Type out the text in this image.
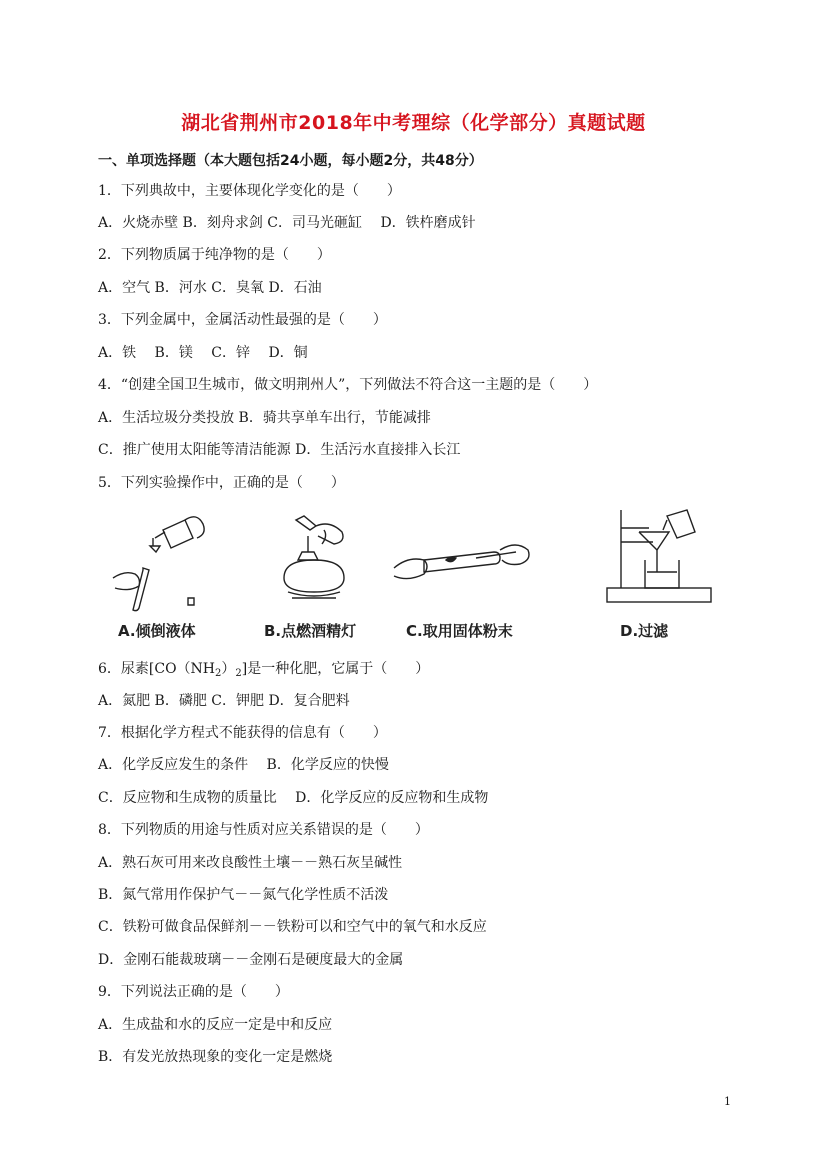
湖北省荆州市2018年中考理综（化学部分）真题试题
一、单项选择题（本大题包括24小题，每小题2分，共48分）
1．下列典故中，主要体现化学变化的是（　　）
A．火烧赤壁 B．刻舟求剑 C．司马光砸缸　 D．铁杵磨成针
2．下列物质属于纯净物的是（　　）
A．空气 B．河水 C．臭氧 D．石油
3．下列金属中，金属活动性最强的是（　　）
A．铁　 B．镁　 C．锌　 D．铜
4．“创建全国卫生城市，做文明荆州人”，下列做法不符合这一主题的是（　　）
A．生活垃圾分类投放 B．骑共享单车出行，节能减排
C．推广使用太阳能等清洁能源 D．生活污水直接排入长江
5．下列实验操作中，正确的是（　　）
A.倾倒液体	B.点燃酒精灯	C.取用固体粉末	D.过滤
6．尿素$[CO(NH_2)_2]$是一种化肥，它属于（　　）
A．氮肥 B．磷肥 C．钾肥 D．复合肥料
7．根据化学方程式不能获得的信息有（　　）
A．化学反应发生的条件　 B．化学反应的快慢
C．反应物和生成物的质量比　 D．化学反应的反应物和生成物
8．下列物质的用途与性质对应关系错误的是（　　）
A．熟石灰可用来改良酸性土壤－－熟石灰呈碱性
B．氮气常用作保护气－－氮气化学性质不活泼
C．铁粉可做食品保鲜剂－－铁粉可以和空气中的氧气和水反应
D．金刚石能裁玻璃－－金刚石是硬度最大的金属
9．下列说法正确的是（　　）
A．生成盐和水的反应一定是中和反应
B．有发光放热现象的变化一定是燃烧
1
